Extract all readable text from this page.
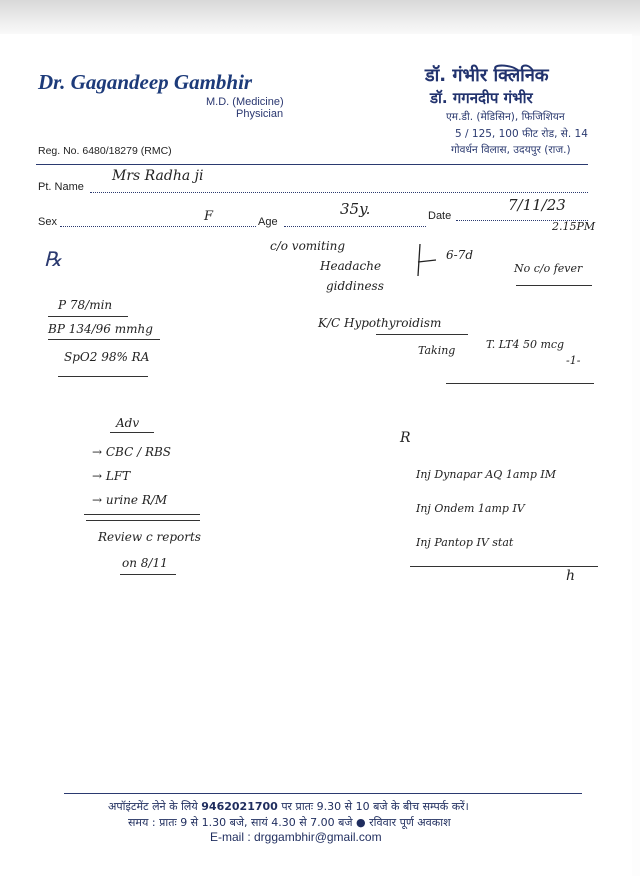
Dr. Gagandeep Gambhir
M.D. (Medicine)
Physician
डॉ. गंभीर क्लिनिक
डॉ. गगनदीप गंभीर
एम.डी. (मेडिसिन), फिजिशियन
5 / 125, 100 फीट रोड, से. 14
गोवर्धन विलास, उदयपुर (राज.)
Reg. No. 6480/18279 (RMC)
Pt. Name
Mrs Radha ji
Sex	F	Age
35y.	Date
7/11/23
2.15PM
℞
c/o vomiting
Headache
giddiness
6-7d
No c/o fever
P 78/min
BP 134/96 mmhg
SpO2 98% RA
K/C Hypothyroidism
Taking	T. LT4 50 mcg
-1-
Adv
→ CBC / RBS
→ LFT
→ urine R/M
Review c reports
on 8/11
R
Inj Dynapar AQ 1amp IM
Inj Ondem 1amp IV
Inj Pantop IV stat
h
अपॉइंटमेंट लेने के लिये 9462021700 पर प्रातः 9.30 से 10 बजे के बीच सम्पर्क करें।
समय : प्रातः 9 से 1.30 बजे, सायं 4.30 से 7.00 बजे ● रविवार पूर्ण अवकाश
E-mail : drggambhir@gmail.com
